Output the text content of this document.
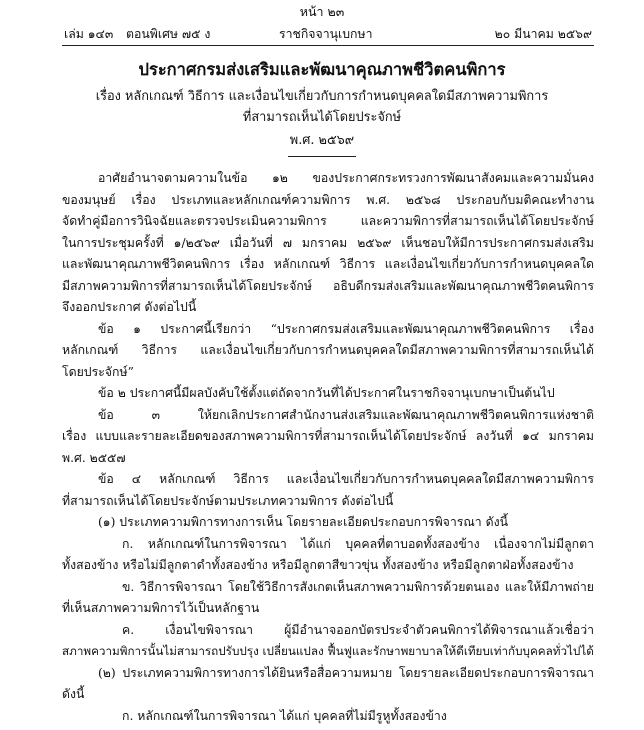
หน้า ๒๓
เล่ม ๑๔๓ ตอนพิเศษ ๗๕ ง	ราชกิจจานุเบกษา	๒๐ มีนาคม ๒๕๖๙
ประกาศกรมส่งเสริมและพัฒนาคุณภาพชีวิตคนพิการ
เรื่อง หลักเกณฑ์ วิธีการ และเงื่อนไขเกี่ยวกับการกำหนดบุคคลใดมีสภาพความพิการ
ที่สามารถเห็นได้โดยประจักษ์
พ.ศ. ๒๕๖๙
อาศัยอำนาจตามความในข้อ ๑๒ ของประกาศกระทรวงการพัฒนาสังคมและความมั่นคง
ของมนุษย์ เรื่อง ประเภทและหลักเกณฑ์ความพิการ พ.ศ. ๒๕๖๘ ประกอบกับมติคณะทำงาน
จัดทำคู่มือการวินิจฉัยและตรวจประเมินความพิการ และความพิการที่สามารถเห็นได้โดยประจักษ์
ในการประชุมครั้งที่ ๑/๒๕๖๙ เมื่อวันที่ ๗ มกราคม ๒๕๖๙ เห็นชอบให้มีการประกาศกรมส่งเสริม
และพัฒนาคุณภาพชีวิตคนพิการ เรื่อง หลักเกณฑ์ วิธีการ และเงื่อนไขเกี่ยวกับการกำหนดบุคคลใด
มีสภาพความพิการที่สามารถเห็นได้โดยประจักษ์ อธิบดีกรมส่งเสริมและพัฒนาคุณภาพชีวิตคนพิการ
จึงออกประกาศ ดังต่อไปนี้
ข้อ ๑ ประกาศนี้เรียกว่า “ประกาศกรมส่งเสริมและพัฒนาคุณภาพชีวิตคนพิการ เรื่อง
หลักเกณฑ์ วิธีการ และเงื่อนไขเกี่ยวกับการกำหนดบุคคลใดมีสภาพความพิการที่สามารถเห็นได้
โดยประจักษ์”
ข้อ ๒ ประกาศนี้มีผลบังคับใช้ตั้งแต่ถัดจากวันที่ได้ประกาศในราชกิจจานุเบกษาเป็นต้นไป
ข้อ ๓ ให้ยกเลิกประกาศสำนักงานส่งเสริมและพัฒนาคุณภาพชีวิตคนพิการแห่งชาติ
เรื่อง แบบและรายละเอียดของสภาพความพิการที่สามารถเห็นได้โดยประจักษ์ ลงวันที่ ๑๔ มกราคม
พ.ศ. ๒๕๕๗
ข้อ ๔ หลักเกณฑ์ วิธีการ และเงื่อนไขเกี่ยวกับการกำหนดบุคคลใดมีสภาพความพิการ
ที่สามารถเห็นได้โดยประจักษ์ตามประเภทความพิการ ดังต่อไปนี้
(๑) ประเภทความพิการทางการเห็น โดยรายละเอียดประกอบการพิจารณา ดังนี้
ก. หลักเกณฑ์ในการพิจารณา ได้แก่ บุคคลที่ตาบอดทั้งสองข้าง เนื่องจากไม่มีลูกตา
ทั้งสองข้าง หรือไม่มีลูกตาดำทั้งสองข้าง หรือมีลูกตาสีขาวขุ่น ทั้งสองข้าง หรือมีลูกตาฝ่อทั้งสองข้าง
ข. วิธีการพิจารณา โดยใช้วิธีการสังเกตเห็นสภาพความพิการด้วยตนเอง และให้มีภาพถ่าย
ที่เห็นสภาพความพิการไว้เป็นหลักฐาน
ค. เงื่อนไขพิจารณา ผู้มีอำนาจออกบัตรประจำตัวคนพิการได้พิจารณาแล้วเชื่อว่า
สภาพความพิการนั้นไม่สามารถปรับปรุง เปลี่ยนแปลง ฟื้นฟูและรักษาพยาบาลให้ดีเทียบเท่ากับบุคคลทั่วไปได้
(๒) ประเภทความพิการทางการได้ยินหรือสื่อความหมาย โดยรายละเอียดประกอบการพิจารณา
ดังนี้
ก. หลักเกณฑ์ในการพิจารณา ได้แก่ บุคคลที่ไม่มีรูหูทั้งสองข้าง
